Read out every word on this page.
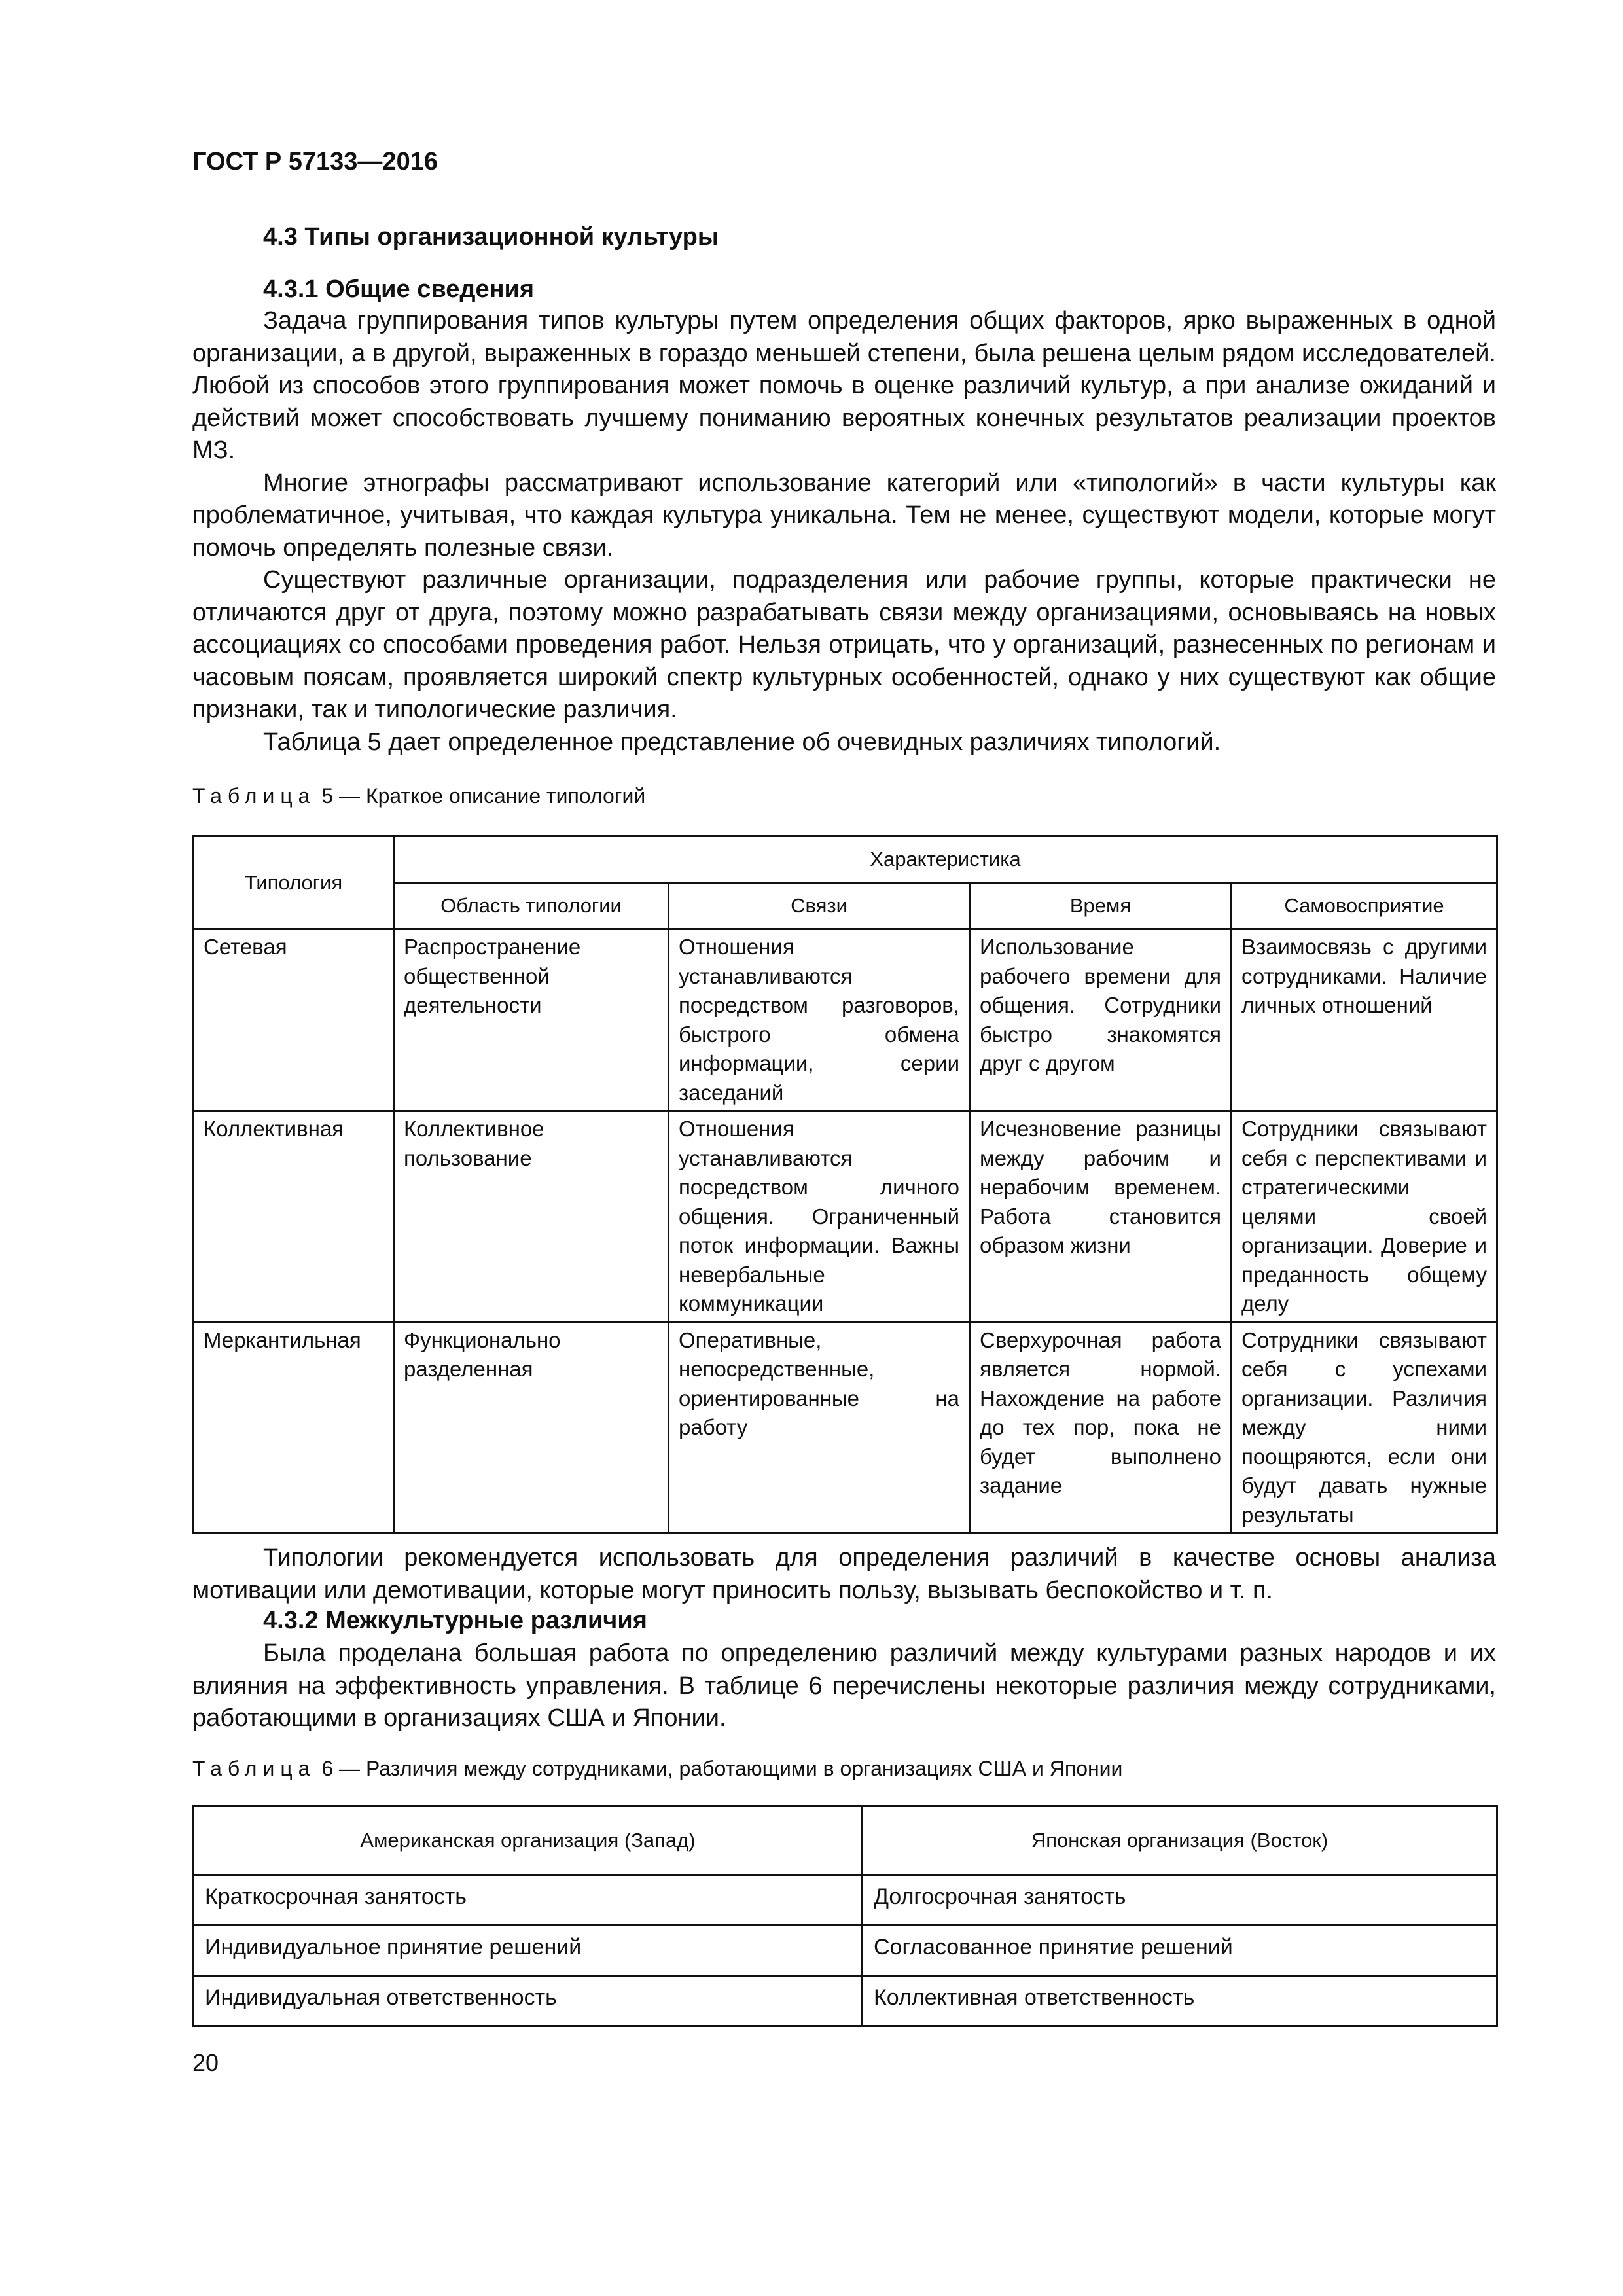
ГОСТ Р 57133—2016
4.3 Типы организационной культуры
4.3.1 Общие сведения

Задача группирования типов культуры путем определения общих факторов, ярко выраженных в одной организации, а в другой, выраженных в гораздо меньшей степени, была решена целым рядом исследователей. Любой из способов этого группирования может помочь в оценке различий культур, а при анализе ожиданий и действий может способствовать лучшему пониманию вероятных конечных результатов реализации проектов МЗ.

Многие этнографы рассматривают использование категорий или «типологий» в части культуры как проблематичное, учитывая, что каждая культура уникальна. Тем не менее, существуют модели, которые могут помочь определять полезные связи.

Существуют различные организации, подразделения или рабочие группы, которые практически не отличаются друг от друга, поэтому можно разрабатывать связи между организациями, основываясь на новых ассоциациях со способами проведения работ. Нельзя отрицать, что у организаций, разнесенных по регионам и часовым поясам, проявляется широкий спектр культурных особенностей, однако у них существуют как общие признаки, так и типологические различия.

Таблица 5 дает определенное представление об очевидных различиях типологий.

Таблица 5 — Краткое описание типологий
Типология	Характеристика			
	Область типологии	Связи	Время	Самовосприятие
Сетевая	Распространение общественной деятельности	Отношения устанавливаются посредством разговоров, быстрого обмена информации, серии заседаний	Использование рабочего времени для общения. Сотрудники быстро знакомятся друг с другом	Взаимосвязь с другими сотрудниками. Наличие личных отношений
Коллективная	Коллективное пользование	Отношения устанавливаются посредством личного общения. Ограниченный поток информации. Важны невербальные коммуникации	Исчезновение разницы между рабочим и нерабочим временем. Работа становится образом жизни	Сотрудники связывают себя с перспективами и стратегическими целями своей организации. Доверие и преданность общему делу
Меркантильная	Функционально разделенная	Оперативные, непосредственные, ориентированные на работу	Сверхурочная работа является нормой. Нахождение на работе до тех пор, пока не будет выполнено задание	Сотрудники связывают себя с успехами организации. Различия между ними поощряются, если они будут давать нужные результаты

Типологии рекомендуется использовать для определения различий в качестве основы анализа мотивации или демотивации, которые могут приносить пользу, вызывать беспокойство и т. п.

4.3.2 Межкультурные различия

Была проделана большая работа по определению различий между культурами разных народов и их влияния на эффективность управления. В таблице 6 перечислены некоторые различия между сотрудниками, работающими в организациях США и Японии.

Таблица 6 — Различия между сотрудниками, работающими в организациях США и Японии
Американская организация (Запад)	Японская организация (Восток)
Краткосрочная занятость	Долгосрочная занятость
Индивидуальное принятие решений	Согласованное принятие решений
Индивидуальная ответственность	Коллективная ответственность
20
